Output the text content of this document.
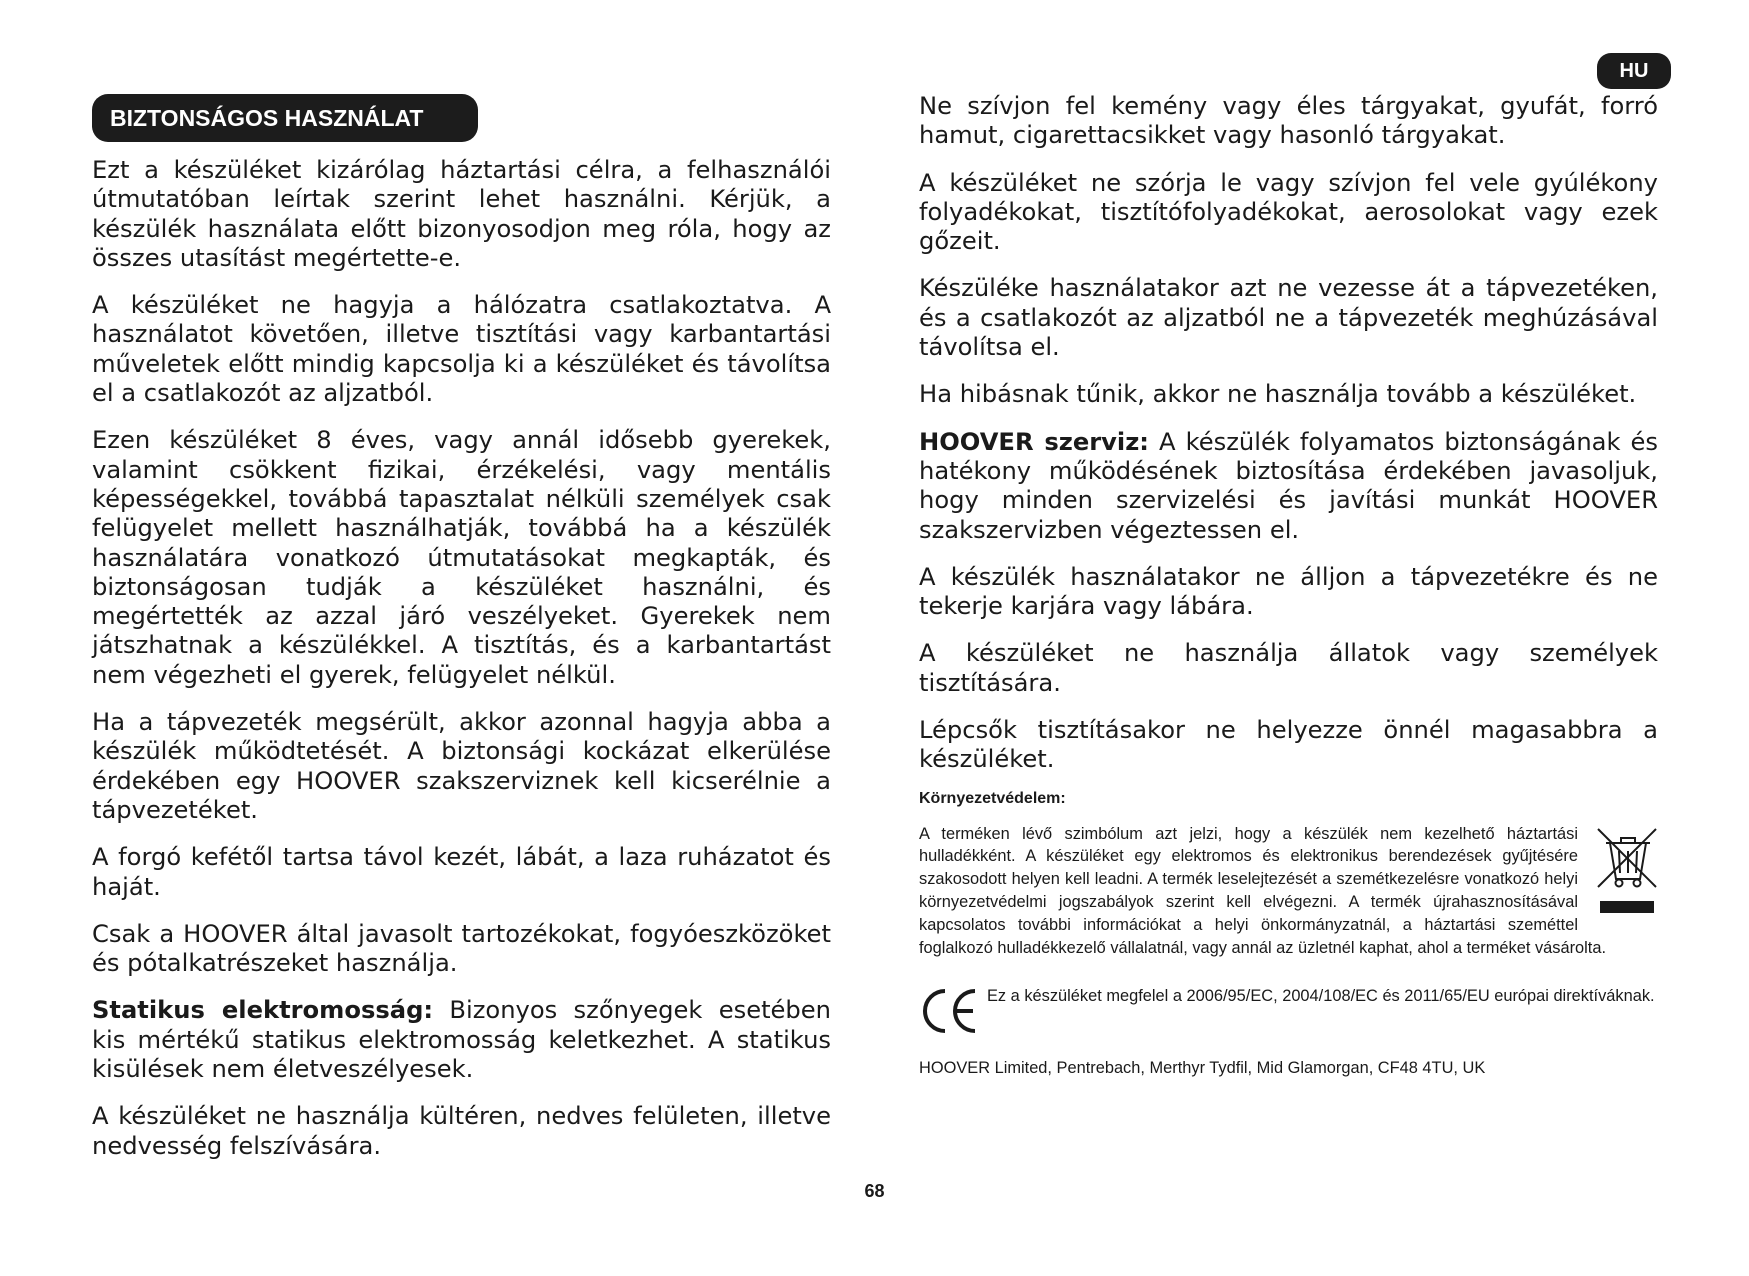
HU
BIZTONSÁGOS HASZNÁLAT

Ezt a készüléket kizárólag háztartási célra, a felhasználói útmutatóban leírtak szerint lehet használni. Kérjük, a készülék használata előtt bizonyosodjon meg róla, hogy az összes utasítást megértette-e.

A készüléket ne hagyja a hálózatra csatlakoztatva. A használatot követően, illetve tisztítási vagy karbantartási műveletek előtt mindig kapcsolja ki a készüléket és távolítsa el a csatlakozót az aljzatból.

Ezen készüléket 8 éves, vagy annál idősebb gyerekek, valamint csökkent fizikai, érzékelési, vagy mentális képességekkel, továbbá tapasztalat nélküli személyek csak felügyelet mellett használhatják, továbbá ha a készülék használatára vonatkozó útmutatásokat megkapták, és biztonságosan tudják a készüléket használni, és megértették az azzal járó veszélyeket. Gyerekek nem játszhatnak a készülékkel. A tisztítás, és a karbantartást nem végezheti el gyerek, felügyelet nélkül.

Ha a tápvezeték megsérült, akkor azonnal hagyja abba a készülék működtetését. A biztonsági kockázat elkerülése érdekében egy HOOVER szakszerviznek kell kicserélnie a tápvezetéket.

A forgó kefétől tartsa távol kezét, lábát, a laza ruházatot és haját.

Csak a HOOVER által javasolt tartozékokat, fogyóeszközöket és pótalkatrészeket használja.

Statikus elektromosság: Bizonyos szőnyegek esetében kis mértékű statikus elektromosság keletkezhet. A statikus kisülések nem életveszélyesek.

A készüléket ne használja kültéren, nedves felületen, illetve nedvesség felszívására.

Ne szívjon fel kemény vagy éles tárgyakat, gyufát, forró hamut, cigarettacsikket vagy hasonló tárgyakat.

A készüléket ne szórja le vagy szívjon fel vele gyúlékony folyadékokat, tisztítófolyadékokat, aerosolokat vagy ezek gőzeit.

Készüléke használatakor azt ne vezesse át a tápvezetéken, és a csatlakozót az aljzatból ne a tápvezeték meghúzásával távolítsa el.

Ha hibásnak tűnik, akkor ne használja tovább a készüléket.

HOOVER szerviz: A készülék folyamatos biztonságának és hatékony működésének biztosítása érdekében javasoljuk, hogy minden szervizelési és javítási munkát HOOVER szakszervizben végeztessen el.

A készülék használatakor ne álljon a tápvezetékre és ne tekerje karjára vagy lábára.

A készüléket ne használja állatok vagy személyek tisztítására.

Lépcsők tisztításakor ne helyezze önnél magasabbra a készüléket.

Környezetvédelem:

A terméken lévő szimbólum azt jelzi, hogy a készülék nem kezelhető háztartási hulladékként. A készüléket egy elektromos és elektronikus berendezések gyűjtésére szakosodott helyen kell leadni. A termék leselejtezését a szemétkezelésre vonatkozó helyi környezetvédelmi jogszabályok szerint kell elvégezni. A termék újrahasznosításával kapcsolatos további információkat a helyi önkormányzatnál, a háztartási szeméttel foglalkozó hulladékkezelő vállalatnál, vagy annál az üzletnél kaphat, ahol a terméket vásárolta.

Ez a készüléket megfelel a 2006/95/EC, 2004/108/EC és 2011/65/EU európai direktíváknak.

HOOVER Limited, Pentrebach, Merthyr Tydfil, Mid Glamorgan, CF48 4TU, UK

68
